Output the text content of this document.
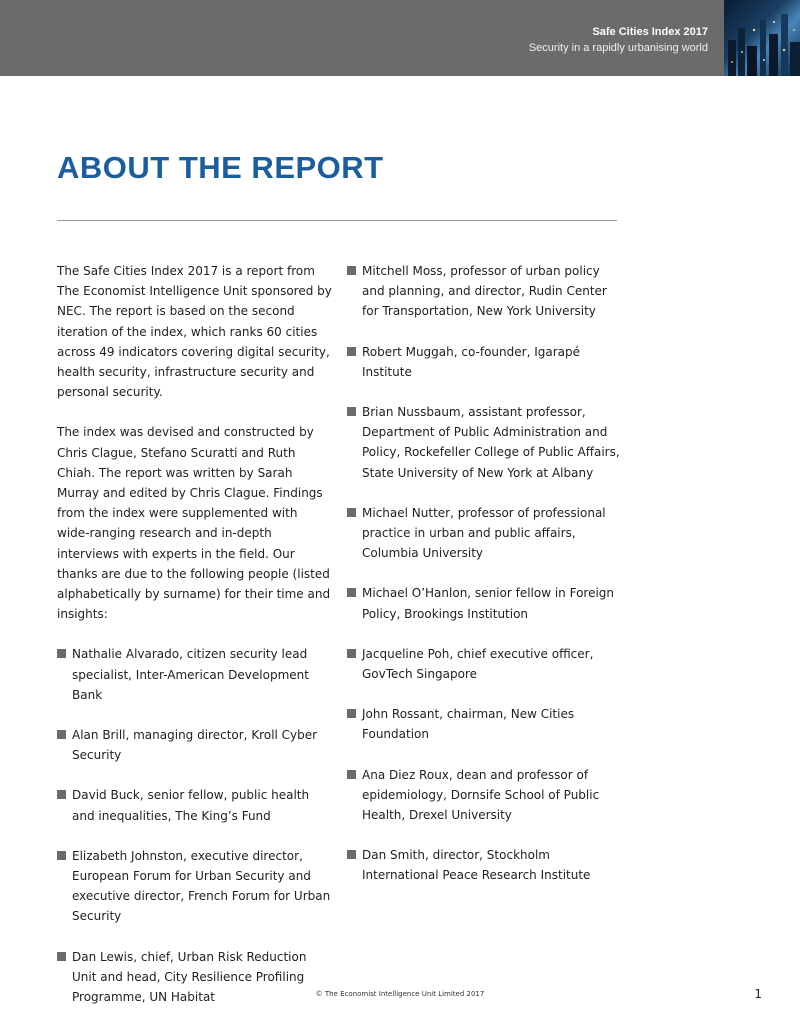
Safe Cities Index 2017
Security in a rapidly urbanising world
ABOUT THE REPORT

The Safe Cities Index 2017 is a report from The Economist Intelligence Unit sponsored by NEC. The report is based on the second iteration of the index, which ranks 60 cities across 49 indicators covering digital security, health security, infrastructure security and personal security.

The index was devised and constructed by Chris Clague, Stefano Scuratti and Ruth Chiah. The report was written by Sarah Murray and edited by Chris Clague. Findings from the index were supplemented with wide-ranging research and in-depth interviews with experts in the field. Our thanks are due to the following people (listed alphabetically by surname) for their time and insights:

Nathalie Alvarado, citizen security lead specialist, Inter-American Development Bank
Alan Brill, managing director, Kroll Cyber Security
David Buck, senior fellow, public health and inequalities, The King’s Fund
Elizabeth Johnston, executive director, European Forum for Urban Security and executive director, French Forum for Urban Security
Dan Lewis, chief, Urban Risk Reduction Unit and head, City Resilience Profiling Programme, UN Habitat
Mitchell Moss, professor of urban policy and planning, and director, Rudin Center for Transportation, New York University
Robert Muggah, co-founder, Igarapé Institute
Brian Nussbaum, assistant professor, Department of Public Administration and Policy, Rockefeller College of Public Affairs, State University of New York at Albany
Michael Nutter, professor of professional practice in urban and public affairs, Columbia University
Michael O’Hanlon, senior fellow in Foreign Policy, Brookings Institution
Jacqueline Poh, chief executive officer, GovTech Singapore
John Rossant, chairman, New Cities Foundation
Ana Diez Roux, dean and professor of epidemiology, Dornsife School of Public Health, Drexel University
Dan Smith, director, Stockholm International Peace Research Institute
© The Economist Intelligence Unit Limited 2017	1
